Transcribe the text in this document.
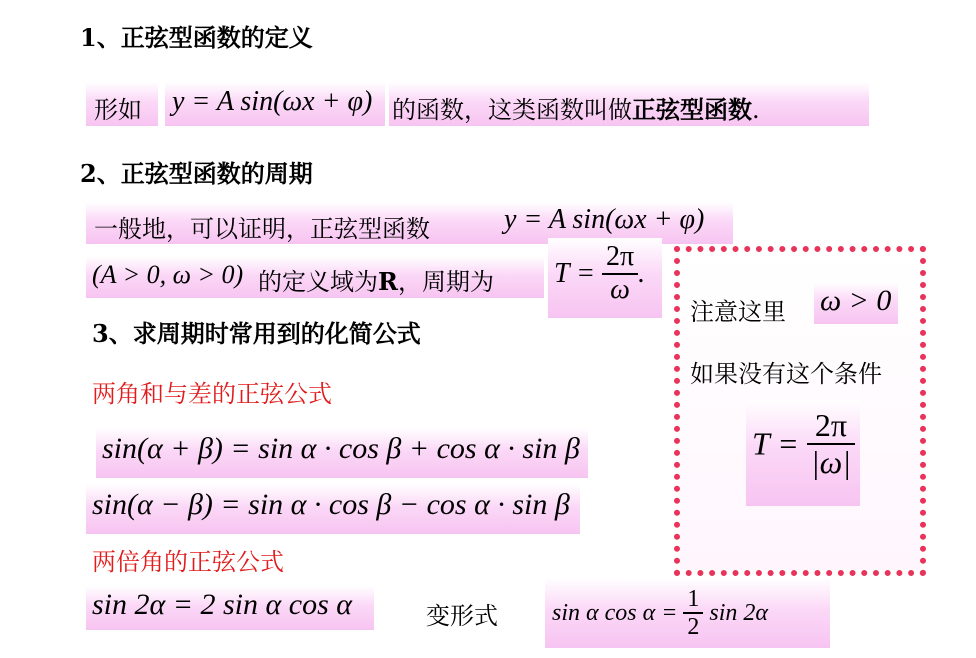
1、正弦型函数的定义
形如 y = A sin(ωx + φ) 的函数，这类函数叫做正弦型函数.
2、正弦型函数的周期
一般地，可以证明，正弦型函数	y = A sin(ωx + φ)
(A > 0, ω > 0) 的定义域为R，周期为 $T = \frac{2\pi}{\omega}$ .
3、求周期时常用到的化简公式
两角和与差的正弦公式
sin(α + β) = sin α · cos β + cos α · sin β
sin(α − β) = sin α · cos β − cos α · sin β
两倍角的正弦公式
sin 2α = 2 sin α cos α	变形式 sin α $\cos \alpha = \frac{1}{2}$ sin 2α
注意这里 ω > 0
如果没有这个条件
$T = \frac{2\pi}{|\omega|}$
